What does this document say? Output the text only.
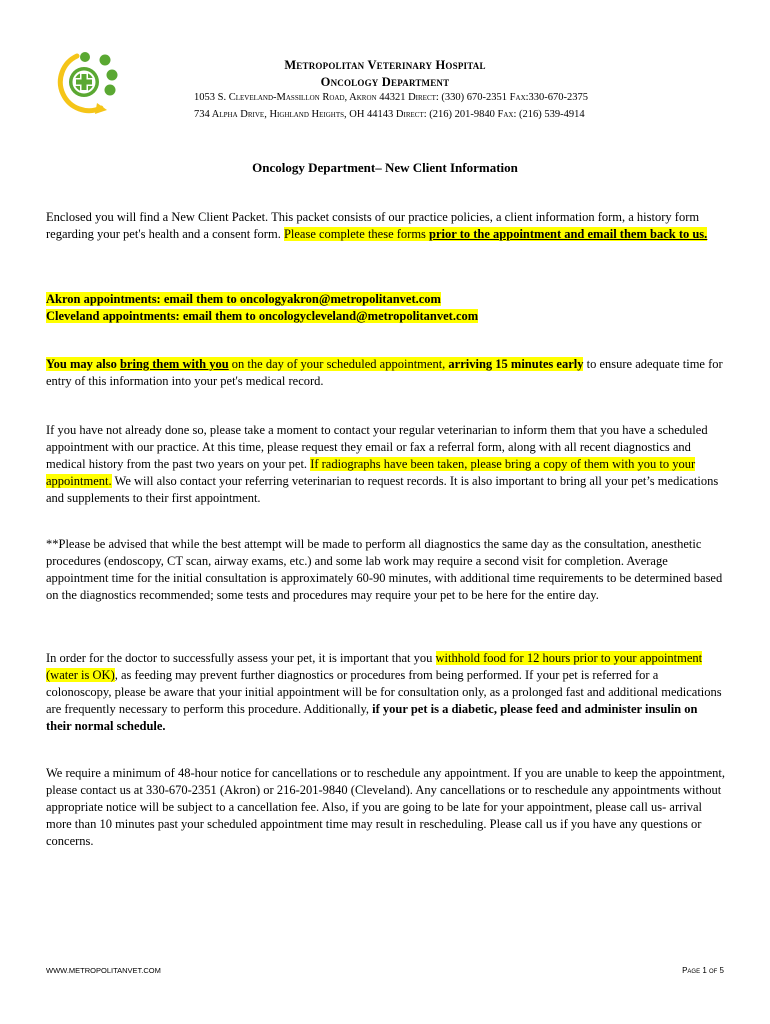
Metropolitan Veterinary Hospital
Oncology Department
1053 S. Cleveland-Massillon Road, Akron 44321 Direct: (330) 670-2351 Fax:330-670-2375
734 Alpha Drive, Highland Heights, OH 44143 Direct: (216) 201-9840 Fax: (216) 539-4914
Oncology Department– New Client Information
Enclosed you will find a New Client Packet. This packet consists of our practice policies, a client information form, a history form regarding your pet's health and a consent form. Please complete these forms prior to the appointment and email them back to us.
Akron appointments: email them to oncologyakron@metropolitanvet.com
Cleveland appointments: email them to oncologycleveland@metropolitanvet.com
You may also bring them with you on the day of your scheduled appointment, arriving 15 minutes early to ensure adequate time for entry of this information into your pet's medical record.
If you have not already done so, please take a moment to contact your regular veterinarian to inform them that you have a scheduled appointment with our practice. At this time, please request they email or fax a referral form, along with all recent diagnostics and medical history from the past two years on your pet. If radiographs have been taken, please bring a copy of them with you to your appointment. We will also contact your referring veterinarian to request records. It is also important to bring all your pet’s medications and supplements to their first appointment.
**Please be advised that while the best attempt will be made to perform all diagnostics the same day as the consultation, anesthetic procedures (endoscopy, CT scan, airway exams, etc.) and some lab work may require a second visit for completion. Average appointment time for the initial consultation is approximately 60-90 minutes, with additional time requirements to be determined based on the diagnostics recommended; some tests and procedures may require your pet to be here for the entire day.
In order for the doctor to successfully assess your pet, it is important that you withhold food for 12 hours prior to your appointment (water is OK), as feeding may prevent further diagnostics or procedures from being performed. If your pet is referred for a colonoscopy, please be aware that your initial appointment will be for consultation only, as a prolonged fast and additional medications are frequently necessary to perform this procedure. Additionally, if your pet is a diabetic, please feed and administer insulin on their normal schedule.
We require a minimum of 48-hour notice for cancellations or to reschedule any appointment. If you are unable to keep the appointment, please contact us at 330-670-2351 (Akron) or 216-201-9840 (Cleveland). Any cancellations or to reschedule any appointments without appropriate notice will be subject to a cancellation fee. Also, if you are going to be late for your appointment, please call us- arrival more than 10 minutes past your scheduled appointment time may result in rescheduling. Please call us if you have any questions or concerns.
WWW.METROPOLITANVET.COM	Page 1 of 5
